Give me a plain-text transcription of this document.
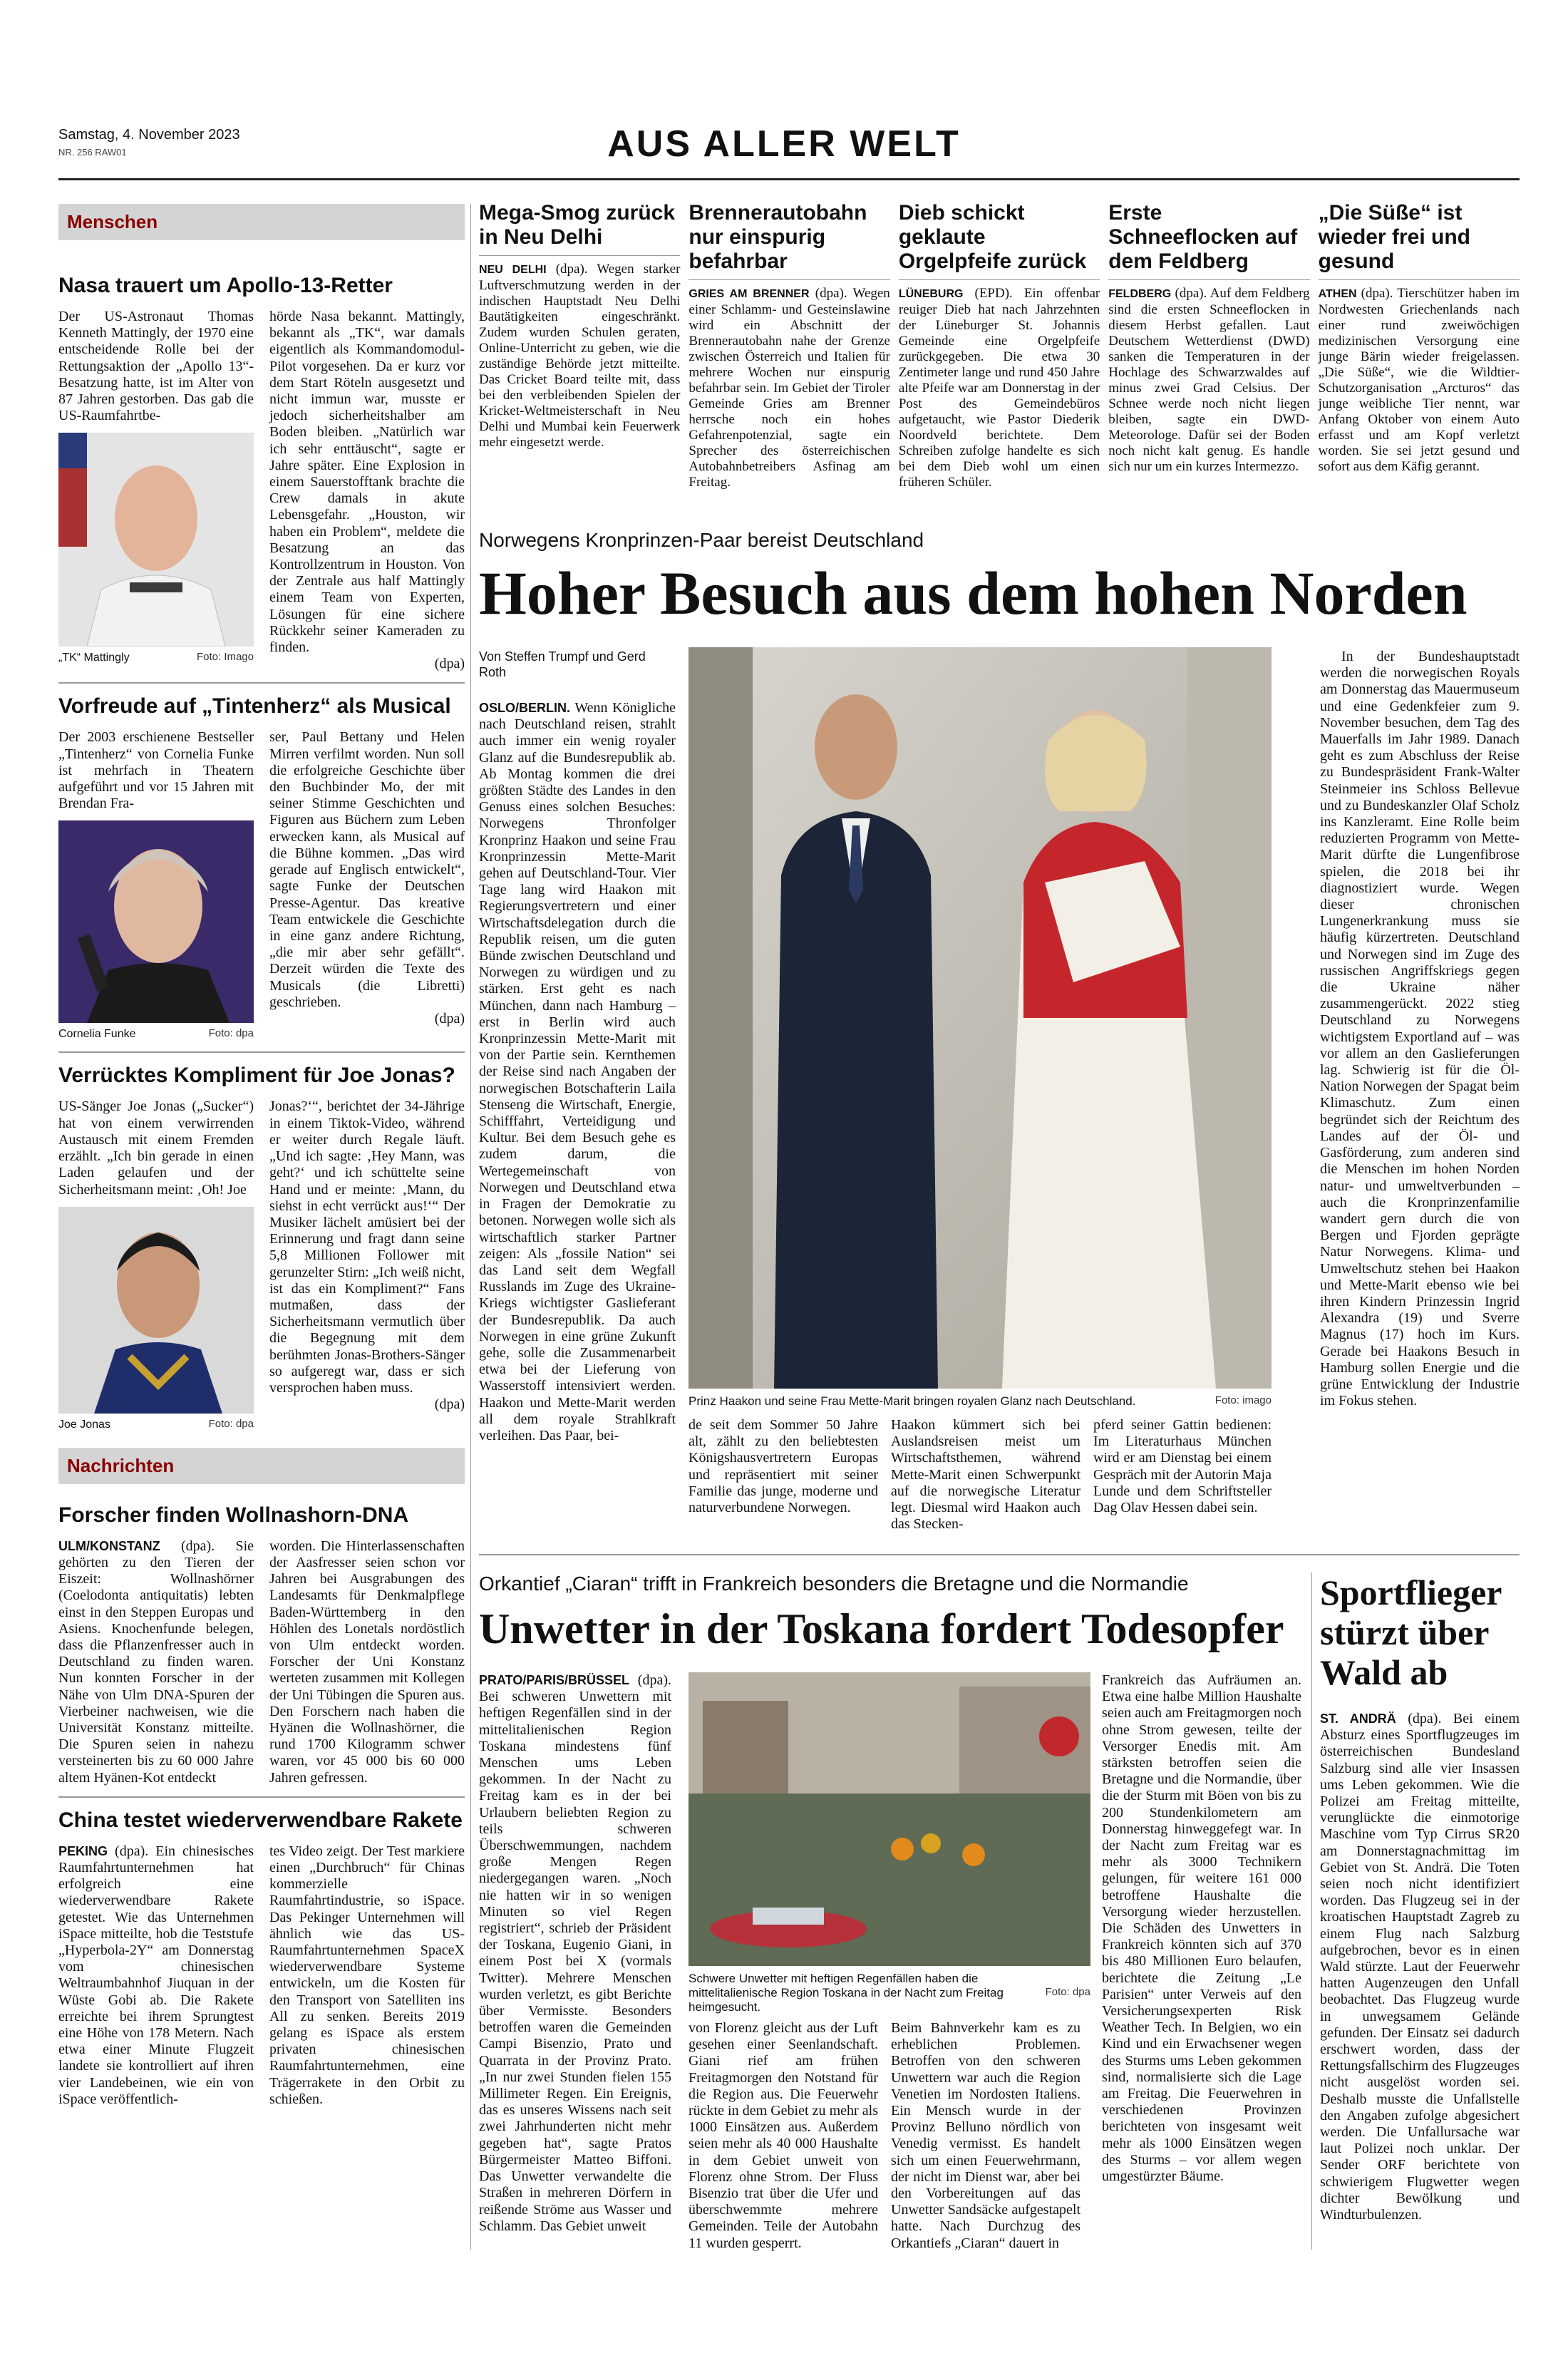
Samstag, 4. November 2023
NR. 256 RAW01	AUS ALLER WELT
Menschen
Nasa trauert um Apollo-13-Retter
Der US-Astronaut Thomas Kenneth Mattingly, der 1970 eine entscheidende Rolle bei der Rettungsaktion der „Apollo 13“-Besatzung hatte, ist im Alter von 87 Jahren gestorben. Das gab die US-Raumfahrtbe-
„TK“ Mattingly	Foto: Imago
hörde Nasa bekannt. Mattingly, bekannt als „TK“, war damals eigentlich als Kommandomodul-Pilot vorgesehen. Da er kurz vor dem Start Röteln ausgesetzt und nicht immun war, musste er jedoch sicherheitshalber am Boden bleiben. „Natürlich war ich sehr enttäuscht“, sagte er Jahre später. Eine Explosion in einem Sauerstofftank brachte die Crew damals in akute Lebensgefahr. „Houston, wir haben ein Problem“, meldete die Besatzung an das Kontrollzentrum in Houston. Von der Zentrale aus half Mattingly einem Team von Experten, Lösungen für eine sichere Rückkehr seiner Kameraden zu finden.
(dpa)
Vorfreude auf „Tintenherz“ als Musical
Der 2003 erschienene Bestseller „Tintenherz“ von Cornelia Funke ist mehrfach in Theatern aufgeführt und vor 15 Jahren mit Brendan Fra-
Cornelia Funke	Foto: dpa
ser, Paul Bettany und Helen Mirren verfilmt worden. Nun soll die erfolgreiche Geschichte über den Buchbinder Mo, der mit seiner Stimme Geschichten und Figuren aus Büchern zum Leben erwecken kann, als Musical auf die Bühne kommen. „Das wird gerade auf Englisch entwickelt“, sagte Funke der Deutschen Presse-Agentur. Das kreative Team entwickele die Geschichte in eine ganz andere Richtung, „die mir aber sehr gefällt“. Derzeit würden die Texte des Musicals (die Libretti) geschrieben.
(dpa)
Verrücktes Kompliment für Joe Jonas?
US-Sänger Joe Jonas („Sucker“) hat von einem verwirrenden Austausch mit einem Fremden erzählt. „Ich bin gerade in einen Laden gelaufen und der Sicherheitsmann meint: ‚Oh! Joe
Joe Jonas	Foto: dpa
Jonas?‘“, berichtet der 34-Jährige in einem Tiktok-Video, während er weiter durch Regale läuft. „Und ich sagte: ‚Hey Mann, was geht?‘ und ich schüttelte seine Hand und er meinte: ‚Mann, du siehst in echt verrückt aus!‘“ Der Musiker lächelt amüsiert bei der Erinnerung und fragt dann seine 5,8 Millionen Follower mit gerunzelter Stirn: „Ich weiß nicht, ist das ein Kompliment?“ Fans mutmaßen, dass der Sicherheitsmann vermutlich über die Begegnung mit dem berühmten Jonas-Brothers-Sänger so aufgeregt war, dass er sich versprochen haben muss.
(dpa)
Nachrichten
Forscher finden Wollnashorn-DNA
ULM/KONSTANZ (dpa). Sie gehörten zu den Tieren der Eiszeit: Wollnashörner (Coelodonta antiquitatis) lebten einst in den Steppen Europas und Asiens. Knochenfunde belegen, dass die Pflanzenfresser auch in Deutschland zu finden waren. Nun konnten Forscher in der Nähe von Ulm DNA-Spuren der Vierbeiner nachweisen, wie die Universität Konstanz mitteilte. Die Spuren seien in nahezu versteinerten bis zu 60 000 Jahre altem Hyänen-Kot entdeckt
worden. Die Hinterlassenschaften der Aasfresser seien schon vor Jahren bei Ausgrabungen des Landesamts für Denkmalpflege Baden-Württemberg in den Höhlen des Lonetals nordöstlich von Ulm entdeckt worden. Forscher der Uni Konstanz werteten zusammen mit Kollegen der Uni Tübingen die Spuren aus. Den Forschern nach haben die Hyänen die Wollnashörner, die rund 1700 Kilogramm schwer waren, vor 45 000 bis 60 000 Jahren gefressen.
China testet wiederverwendbare Rakete
PEKING (dpa). Ein chinesisches Raumfahrtunternehmen hat erfolgreich eine wiederverwendbare Rakete getestet. Wie das Unternehmen iSpace mitteilte, hob die Teststufe „Hyperbola-2Y“ am Donnerstag vom chinesischen Weltraumbahnhof Jiuquan in der Wüste Gobi ab. Die Rakete erreichte bei ihrem Sprungtest eine Höhe von 178 Metern. Nach etwa einer Minute Flugzeit landete sie kontrolliert auf ihren vier Landebeinen, wie ein von iSpace veröffentlich-
tes Video zeigt. Der Test markiere einen „Durchbruch“ für Chinas kommerzielle Raumfahrtindustrie, so iSpace. Das Pekinger Unternehmen will ähnlich wie das US-Raumfahrtunternehmen SpaceX wiederverwendbare Systeme entwickeln, um die Kosten für den Transport von Satelliten ins All zu senken. Bereits 2019 gelang es iSpace als erstem privaten chinesischen Raumfahrtunternehmen, eine Trägerrakete in den Orbit zu schießen.
Mega-Smog zurück in Neu Delhi
NEU DELHI (dpa). Wegen starker Luftverschmutzung werden in der indischen Hauptstadt Neu Delhi Bautätigkeiten eingeschränkt. Zudem wurden Schulen geraten, Online-Unterricht zu geben, wie die zuständige Behörde jetzt mitteilte. Das Cricket Board teilte mit, dass bei den verbleibenden Spielen der Kricket-Weltmeisterschaft in Neu Delhi und Mumbai kein Feuerwerk mehr eingesetzt werde.
Brennerautobahn nur einspurig befahrbar
GRIES AM BRENNER (dpa). Wegen einer Schlamm- und Gesteinslawine wird ein Abschnitt der Brennerautobahn nahe der Grenze zwischen Österreich und Italien für mehrere Wochen nur einspurig befahrbar sein. Im Gebiet der Tiroler Gemeinde Gries am Brenner herrsche noch ein hohes Gefahrenpotenzial, sagte ein Sprecher des österreichischen Autobahnbetreibers Asfinag am Freitag.
Dieb schickt geklaute Orgelpfeife zurück
LÜNEBURG (EPD). Ein offenbar reuiger Dieb hat nach Jahrzehnten der Lüneburger St. Johannis Gemeinde eine Orgelpfeife zurückgegeben. Die etwa 30 Zentimeter lange und rund 450 Jahre alte Pfeife war am Donnerstag in der Post des Gemeindebüros aufgetaucht, wie Pastor Diederik Noordveld berichtete. Dem Schreiben zufolge handelte es sich bei dem Dieb wohl um einen früheren Schüler.
Erste Schneeflocken auf dem Feldberg
FELDBERG (dpa). Auf dem Feldberg sind die ersten Schneeflocken in diesem Herbst gefallen. Laut Deutschem Wetterdienst (DWD) sanken die Temperaturen in der Hochlage des Schwarzwaldes auf minus zwei Grad Celsius. Der Schnee werde noch nicht liegen bleiben, sagte ein DWD-Meteorologe. Dafür sei der Boden noch nicht kalt genug. Es handle sich nur um ein kurzes Intermezzo.
„Die Süße“ ist wieder frei und gesund
ATHEN (dpa). Tierschützer haben im Nordwesten Griechenlands nach einer rund zweiwöchigen medizinischen Versorgung eine junge Bärin wieder freigelassen. „Die Süße“, wie die Wildtier-Schutzorganisation „Arcturos“ das junge weibliche Tier nennt, war Anfang Oktober von einem Auto erfasst und am Kopf verletzt worden. Sie sei jetzt gesund und sofort aus dem Käfig gerannt.
Norwegens Kronprinzen-Paar bereist Deutschland
Hoher Besuch aus dem hohen Norden
Von Steffen Trumpf und Gerd Roth
OSLO/BERLIN. Wenn Königliche nach Deutschland reisen, strahlt auch immer ein wenig royaler Glanz auf die Bundesrepublik ab. Ab Montag kommen die drei größten Städte des Landes in den Genuss eines solchen Besuches: Norwegens Thronfolger Kronprinz Haakon und seine Frau Kronprinzessin Mette-Marit gehen auf Deutschland-Tour. Vier Tage lang wird Haakon mit Regierungsvertretern und einer Wirtschaftsdelegation durch die Republik reisen, um die guten Bünde zwischen Deutschland und Norwegen zu würdigen und zu stärken. Erst geht es nach München, dann nach Hamburg – erst in Berlin wird auch Kronprinzessin Mette-Marit mit von der Partie sein. Kernthemen der Reise sind nach Angaben der norwegischen Botschafterin Laila Stenseng die Wirtschaft, Energie, Schifffahrt, Verteidigung und Kultur. Bei dem Besuch gehe es zudem darum, die Wertegemeinschaft von Norwegen und Deutschland etwa in Fragen der Demokratie zu betonen. Norwegen wolle sich als wirtschaftlich starker Partner zeigen: Als „fossile Nation“ sei das Land seit dem Wegfall Russlands im Zuge des Ukraine-Kriegs wichtigster Gaslieferant der Bundesrepublik. Da auch Norwegen in eine grüne Zukunft gehe, solle die Zusammenarbeit etwa bei der Lieferung von Wasserstoff intensiviert werden. Haakon und Mette-Marit werden all dem royale Strahlkraft verleihen. Das Paar, bei-
Prinz Haakon und seine Frau Mette-Marit bringen royalen Glanz nach Deutschland.	Foto: imago
de seit dem Sommer 50 Jahre alt, zählt zu den beliebtesten Königshausvertretern Europas und repräsentiert mit seiner Familie das junge, moderne und naturverbundene Norwegen.
Haakon kümmert sich bei Auslandsreisen meist um Wirtschaftsthemen, während Mette-Marit einen Schwerpunkt auf die norwegische Literatur legt. Diesmal wird Haakon auch das Stecken-
pferd seiner Gattin bedienen: Im Literaturhaus München wird er am Dienstag bei einem Gespräch mit der Autorin Maja Lunde und dem Schriftsteller Dag Olav Hessen dabei sein.
In der Bundeshauptstadt werden die norwegischen Royals am Donnerstag das Mauermuseum und eine Gedenkfeier zum 9. November besuchen, dem Tag des Mauerfalls im Jahr 1989. Danach geht es zum Abschluss der Reise zu Bundespräsident Frank-Walter Steinmeier ins Schloss Bellevue und zu Bundeskanzler Olaf Scholz ins Kanzleramt. Eine Rolle beim reduzierten Programm von Mette-Marit dürfte die Lungenfibrose spielen, die 2018 bei ihr diagnostiziert wurde. Wegen dieser chronischen Lungenerkrankung muss sie häufig kürzertreten. Deutschland und Norwegen sind im Zuge des russischen Angriffskriegs gegen die Ukraine näher zusammengerückt. 2022 stieg Deutschland zu Norwegens wichtigstem Exportland auf – was vor allem an den Gaslieferungen lag. Schwierig ist für die Öl-Nation Norwegen der Spagat beim Klimaschutz. Zum einen begründet sich der Reichtum des Landes auf der Öl- und Gasförderung, zum anderen sind die Menschen im hohen Norden natur- und umweltverbunden – auch die Kronprinzenfamilie wandert gern durch die von Bergen und Fjorden geprägte Natur Norwegens. Klima- und Umweltschutz stehen bei Haakon und Mette-Marit ebenso wie bei ihren Kindern Prinzessin Ingrid Alexandra (19) und Sverre Magnus (17) hoch im Kurs. Gerade bei Haakons Besuch in Hamburg sollen Energie und die grüne Entwicklung der Industrie im Fokus stehen.
Orkantief „Ciaran“ trifft in Frankreich besonders die Bretagne und die Normandie
Unwetter in der Toskana fordert Todesopfer
PRATO/PARIS/BRÜSSEL (dpa). Bei schweren Unwettern mit heftigen Regenfällen sind in der mittelitalienischen Region Toskana mindestens fünf Menschen ums Leben gekommen. In der Nacht zu Freitag kam es in der bei Urlaubern beliebten Region zu teils schweren Überschwemmungen, nachdem große Mengen Regen niedergegangen waren. „Noch nie hatten wir in so wenigen Minuten so viel Regen registriert“, schrieb der Präsident der Toskana, Eugenio Giani, in einem Post bei X (vormals Twitter). Mehrere Menschen wurden verletzt, es gibt Berichte über Vermisste. Besonders betroffen waren die Gemeinden Campi Bisenzio, Prato und Quarrata in der Provinz Prato. „In nur zwei Stunden fielen 155 Millimeter Regen. Ein Ereignis, das es unseres Wissens nach seit zwei Jahrhunderten nicht mehr gegeben hat“, sagte Pratos Bürgermeister Matteo Biffoni. Das Unwetter verwandelte die Straßen in mehreren Dörfern in reißende Ströme aus Wasser und Schlamm. Das Gebiet unweit
Schwere Unwetter mit heftigen Regenfällen haben die mittelitalienische Region Toskana in der Nacht zum Freitag heimgesucht.
Foto: dpa
von Florenz gleicht aus der Luft gesehen einer Seenlandschaft. Giani rief am frühen Freitagmorgen den Notstand für die Region aus. Die Feuerwehr rückte in dem Gebiet zu mehr als 1000 Einsätzen aus. Außerdem seien mehr als 40 000 Haushalte in dem Gebiet unweit von Florenz ohne Strom. Der Fluss Bisenzio trat über die Ufer und überschwemmte mehrere Gemeinden. Teile der Autobahn 11 wurden gesperrt.
Beim Bahnverkehr kam es zu erheblichen Problemen. Betroffen von den schweren Unwettern war auch die Region Venetien im Nordosten Italiens. Ein Mensch wurde in der Provinz Belluno nördlich von Venedig vermisst. Es handelt sich um einen Feuerwehrmann, der nicht im Dienst war, aber bei den Vorbereitungen auf das Unwetter Sandsäcke aufgestapelt hatte. Nach Durchzug des Orkantiefs „Ciaran“ dauert in
Frankreich das Aufräumen an. Etwa eine halbe Million Haushalte seien auch am Freitagmorgen noch ohne Strom gewesen, teilte der Versorger Enedis mit. Am stärksten betroffen seien die Bretagne und die Normandie, über die der Sturm mit Böen von bis zu 200 Stundenkilometern am Donnerstag hinweggefegt war. In der Nacht zum Freitag war es mehr als 3000 Technikern gelungen, für weitere 161 000 betroffene Haushalte die Versorgung wieder herzustellen. Die Schäden des Unwetters in Frankreich könnten sich auf 370 bis 480 Millionen Euro belaufen, berichtete die Zeitung „Le Parisien“ unter Verweis auf den Versicherungsexperten Risk Weather Tech. In Belgien, wo ein Kind und ein Erwachsener wegen des Sturms ums Leben gekommen sind, normalisierte sich die Lage am Freitag. Die Feuerwehren in verschiedenen Provinzen berichteten von insgesamt weit mehr als 1000 Einsätzen wegen des Sturms – vor allem wegen umgestürzter Bäume.
Sportflieger stürzt über Wald ab
ST. ANDRÄ (dpa). Bei einem Absturz eines Sportflugzeuges im österreichischen Bundesland Salzburg sind alle vier Insassen ums Leben gekommen. Wie die Polizei am Freitag mitteilte, verunglückte die einmotorige Maschine vom Typ Cirrus SR20 am Donnerstagnachmittag im Gebiet von St. Andrä. Die Toten seien noch nicht identifiziert worden. Das Flugzeug sei in der kroatischen Hauptstadt Zagreb zu einem Flug nach Salzburg aufgebrochen, bevor es in einen Wald stürzte. Laut der Feuerwehr hatten Augenzeugen den Unfall beobachtet. Das Flugzeug wurde in unwegsamem Gelände gefunden. Der Einsatz sei dadurch erschwert worden, dass der Rettungsfallschirm des Flugzeuges nicht ausgelöst worden sei. Deshalb musste die Unfallstelle den Angaben zufolge abgesichert werden. Die Unfallursache war laut Polizei noch unklar. Der Sender ORF berichtete von schwierigem Flugwetter wegen dichter Bewölkung und Windturbulenzen.
